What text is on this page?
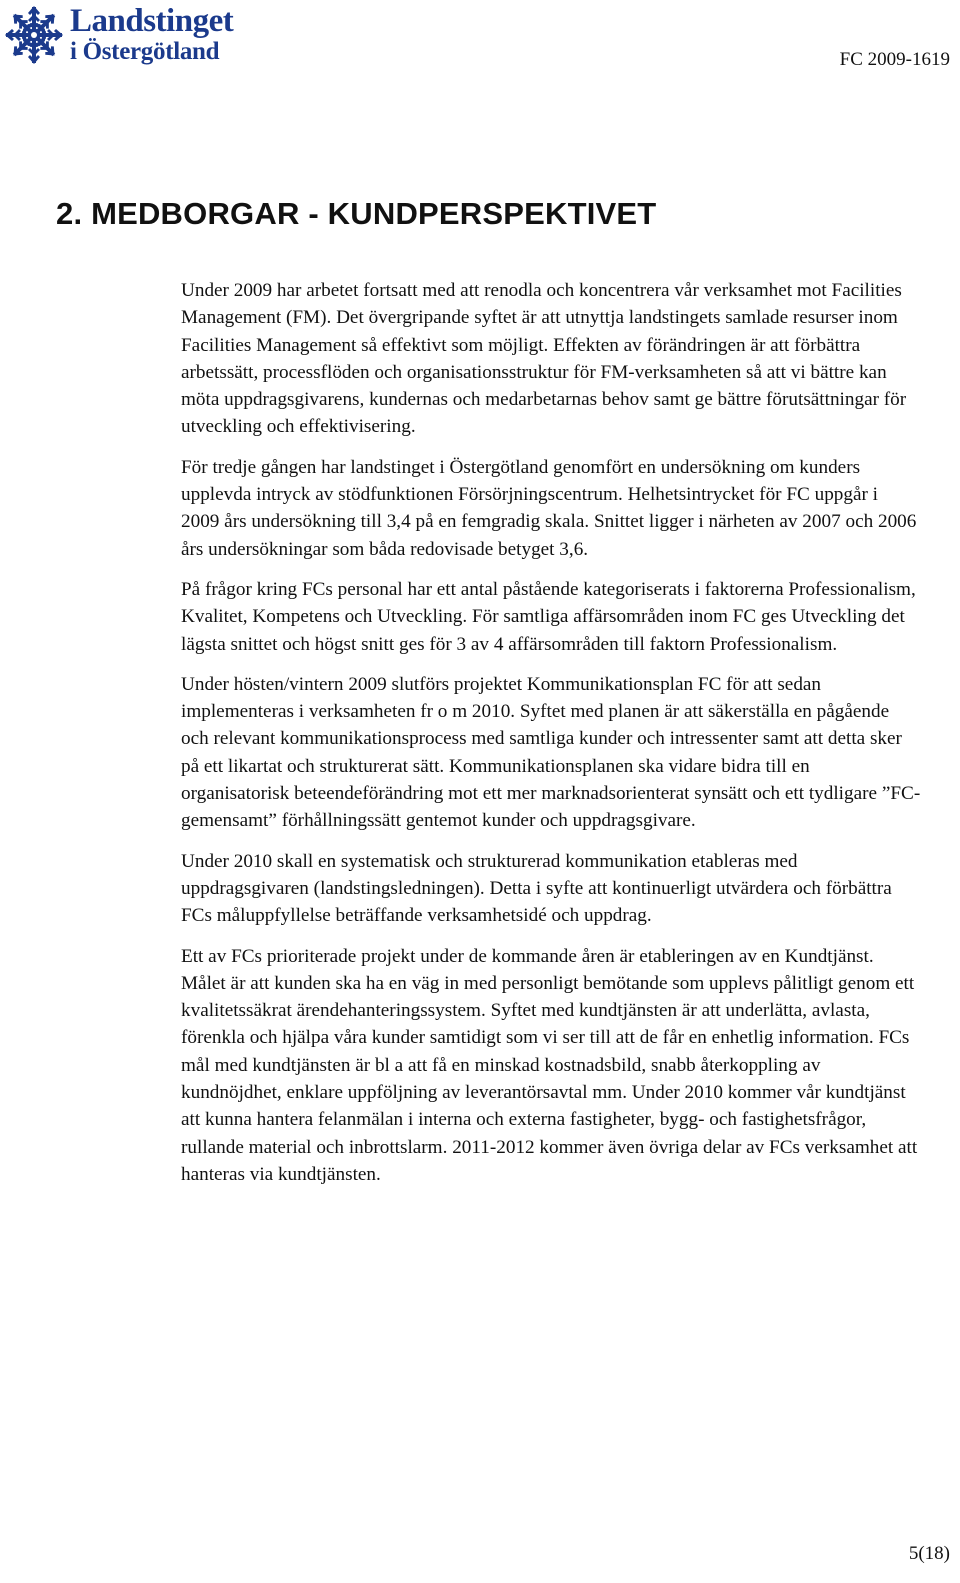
Landstinget
i Östergötland	FC 2009-1619
2. MEDBORGAR - KUNDPERSPEKTIVET

Under 2009 har arbetet fortsatt med att renodla och koncentrera vår verksamhet mot Facilities Management (FM). Det övergripande syftet är att utnyttja landstingets samlade resurser inom Facilities Management så effektivt som möjligt. Effekten av förändringen är att förbättra arbetssätt, processflöden och organisationsstruktur för FM-verksamheten så att vi bättre kan möta uppdragsgivarens, kundernas och medarbetarnas behov samt ge bättre förutsättningar för utveckling och effektivisering.

För tredje gången har landstinget i Östergötland genomfört en undersökning om kunders upplevda intryck av stödfunktionen Försörjningscentrum. Helhetsintrycket för FC uppgår i 2009 års undersökning till 3,4 på en femgradig skala. Snittet ligger i närheten av 2007 och 2006 års undersökningar som båda redovisade betyget 3,6.

På frågor kring FCs personal har ett antal påstående kategoriserats i faktorerna Professionalism, Kvalitet, Kompetens och Utveckling. För samtliga affärsområden inom FC ges Utveckling det lägsta snittet och högst snitt ges för 3 av 4 affärsområden till faktorn Professionalism.

Under hösten/vintern 2009 slutförs projektet Kommunikationsplan FC för att sedan implementeras i verksamheten fr o m 2010. Syftet med planen är att säkerställa en pågående och relevant kommunikationsprocess med samtliga kunder och intressenter samt att detta sker på ett likartat och strukturerat sätt. Kommunikationsplanen ska vidare bidra till en organisatorisk beteendeförändring mot ett mer marknadsorienterat synsätt och ett tydligare ”FC-gemensamt” förhållningssätt gentemot kunder och uppdragsgivare.

Under 2010 skall en systematisk och strukturerad kommunikation etableras med uppdragsgivaren (landstingsledningen). Detta i syfte att kontinuerligt utvärdera och förbättra FCs måluppfyllelse beträffande verksamhetsidé och uppdrag.

Ett av FCs prioriterade projekt under de kommande åren är etableringen av en Kundtjänst. Målet är att kunden ska ha en väg in med personligt bemötande som upplevs pålitligt genom ett kvalitetssäkrat ärendehanteringssystem. Syftet med kundtjänsten är att underlätta, avlasta, förenkla och hjälpa våra kunder samtidigt som vi ser till att de får en enhetlig information. FCs mål med kundtjänsten är bl a att få en minskad kostnadsbild, snabb återkoppling av kundnöjdhet, enklare uppföljning av leverantörsavtal mm. Under 2010 kommer vår kundtjänst att kunna hantera felanmälan i interna och externa fastigheter, bygg- och fastighetsfrågor, rullande material och inbrottslarm. 2011-2012 kommer även övriga delar av FCs verksamhet att hanteras via kundtjänsten.

5(18)
